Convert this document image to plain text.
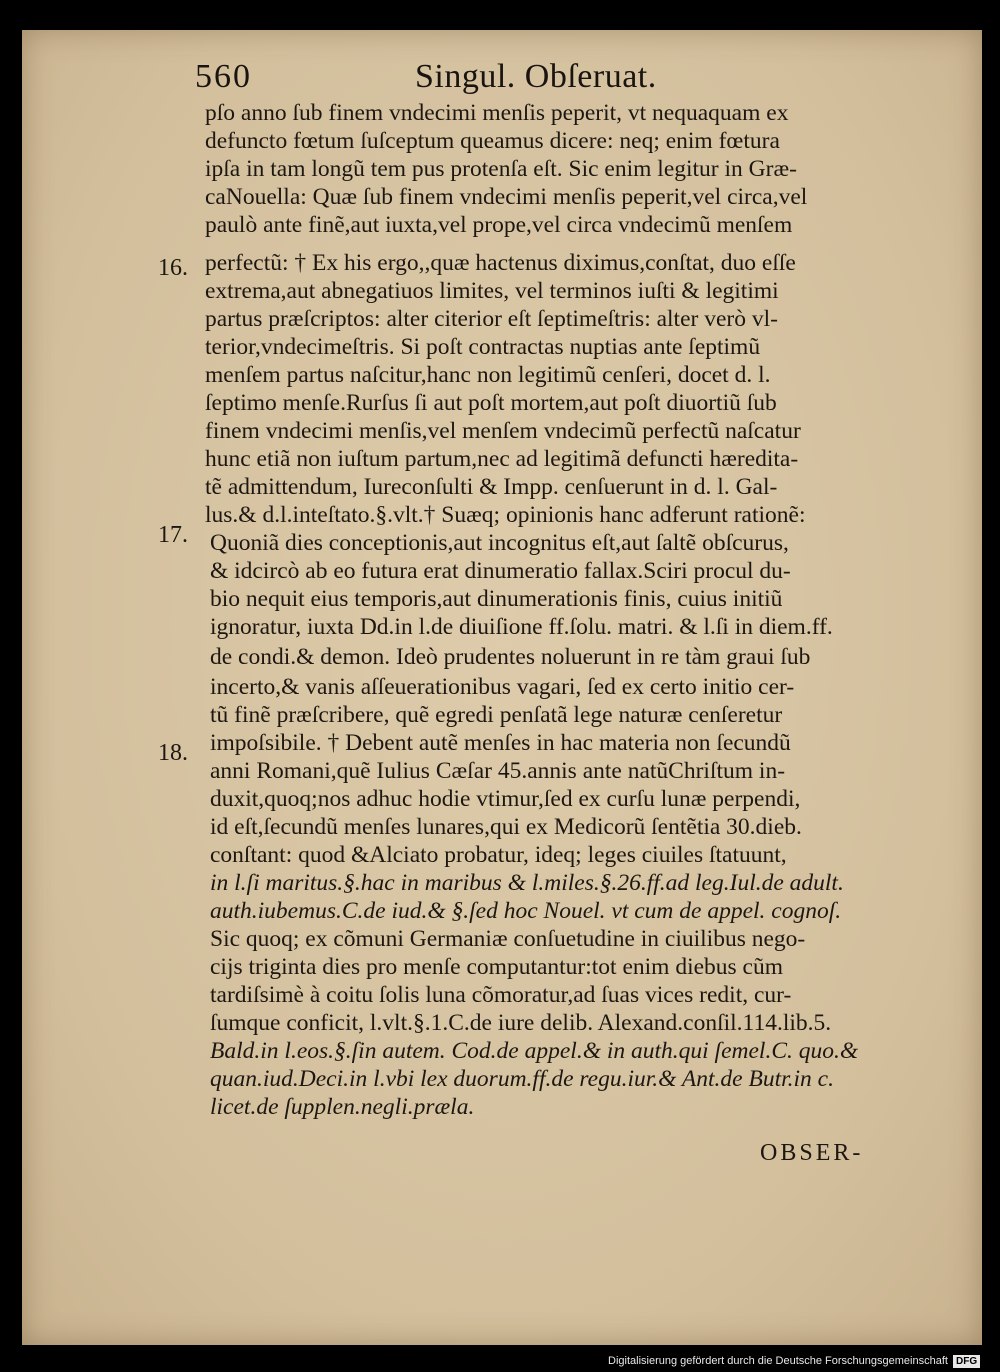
560	Singul. Obſeruat.
pſo anno ſub finem vndecimi menſis peperit, vt nequaquam ex
defuncto fœtum ſuſceptum queamus dicere: neq; enim fœtura
ipſa in tam longũ tem pus protenſa eſt. Sic enim legitur in Græ-
caNouella: Quæ ſub finem vndecimi menſis peperit,vel circa,vel
paulò ante finẽ,aut iuxta,vel prope,vel circa vndecimũ menſem
perfectũ: † Ex his ergo,,quæ hactenus diximus,conſtat, duo eſſe
extrema,aut abnegatiuos limites, vel terminos iuſti & legitimi
partus præſcriptos: alter citerior eſt ſeptimeſtris: alter verò vl-
terior,vndecimeſtris. Si poſt contractas nuptias ante ſeptimũ
menſem partus naſcitur,hanc non legitimũ cenſeri, docet d. l.
ſeptimo menſe.Rurſus ſi aut poſt mortem,aut poſt diuortiũ ſub
finem vndecimi menſis,vel menſem vndecimũ perfectũ naſcatur
hunc etiã non iuſtum partum,nec ad legitimã defuncti hæredita-
tẽ admittendum, Iureconſulti & Impp. cenſuerunt in d. l. Gal-
lus.& d.l.inteſtato.§.vlt.† Suæq; opinionis hanc adferunt rationẽ:
Quoniã dies conceptionis,aut incognitus eſt,aut ſaltẽ obſcurus,
& idcircò ab eo futura erat dinumeratio fallax.Sciri procul du-
bio nequit eius temporis,aut dinumerationis finis, cuius initiũ
ignoratur, iuxta Dd.in l.de diuiſione ff.ſolu. matri. & l.ſi in diem.ff.
de condi.& demon. Ideò prudentes noluerunt in re tàm graui ſub
incerto,& vanis aſſeuerationibus vagari, ſed ex certo initio cer-
tũ finẽ præſcribere, quẽ egredi penſatã lege naturæ cenſeretur
impoſsibile. † Debent autẽ menſes in hac materia non ſecundũ
anni Romani,quẽ Iulius Cæſar 45.annis ante natũChriſtum in-
duxit,quoq;nos adhuc hodie vtimur,ſed ex curſu lunæ perpendi,
id eſt,ſecundũ menſes lunares,qui ex Medicorũ ſentẽtia 30.dieb.
conſtant: quod &Alciato probatur, ideq; leges ciuiles ſtatuunt,
in l.ſi maritus.§.hac in maribus & l.miles.§.26.ff.ad leg.Iul.de adult.
auth.iubemus.C.de iud.& §.ſed hoc Nouel. vt cum de appel. cognoſ.
Sic quoq; ex cõmuni Germaniæ conſuetudine in ciuilibus nego-
cijs triginta dies pro menſe computantur:tot enim diebus cũm
tardiſsimè à coitu ſolis luna cõmoratur,ad ſuas vices redit, cur-
ſumque conficit, l.vlt.§.1.C.de iure delib. Alexand.conſil.114.lib.5.
Bald.in l.eos.§.ſin autem. Cod.de appel.& in auth.qui ſemel.C. quo.&
quan.iud.Deci.in l.vbi lex duorum.ff.de regu.iur.& Ant.de Butr.in c.
licet.de ſupplen.negli.præla.
16.
17.
18.
OBSER-
Digitalisierung gefördert durch die Deutsche Forschungsgemeinschaft DFG
